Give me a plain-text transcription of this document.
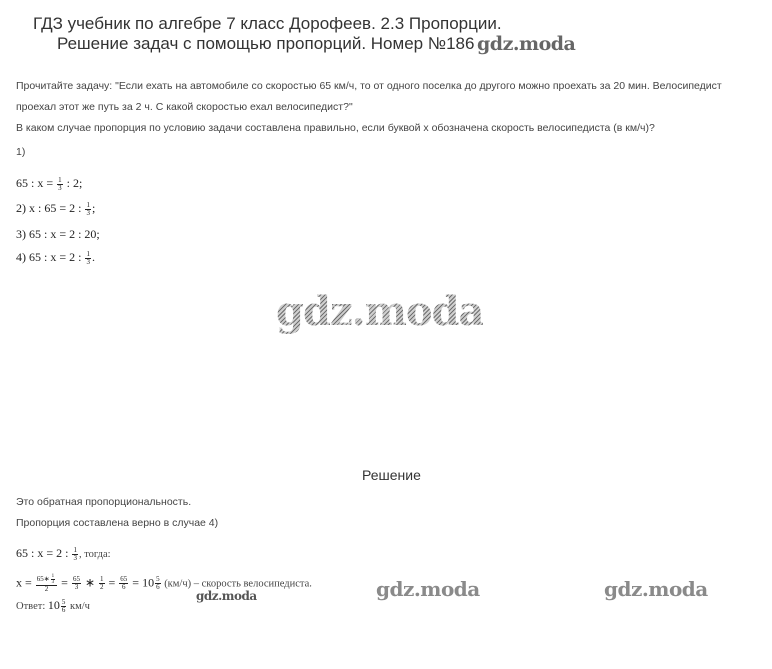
ГДЗ учебник по алгебре 7 класс Дорофеев. 2.3 Пропорции.
Решение задач с помощью пропорций. Номер №186 gdz.moda
Прочитайте задачу: "Если ехать на автомобиле со скоростью 65 км/ч, то от одного поселка до другого можно проехать за 20 мин. Велосипедист
проехал этот же путь за 2 ч. С какой скоростью ехал велосипедист?"
В каком случае пропорция по условию задачи составлена правильно, если буквой x обозначена скорость велосипедиста (в км/ч)?
1)
65 : $x = \frac{1}{3}$ : 2;
2) x : 65 = 2 : $\frac{1}{3}$ ;
3) 65 : x = 2 : 20;
4) 65 : x = 2 : $\frac{1}{3}$ .
gdz.moda
Решение
Это обратная пропорциональность.
Пропорция составлена верно в случае 4)
65 : x = 2 : $\frac{1}{3}$ , тогда:
$x = \frac{65∗ \frac{1}{3}}{2} = \frac{65}{3}$ ∗ $\frac{1}{2} = \frac{65}{6} = 10 \frac{5}{6} (км/ч)$ – скорость велосипедиста.
Ответ: $10 \frac{5}{6} км/ч$
gdz.moda	gdz.moda	gdz.moda
